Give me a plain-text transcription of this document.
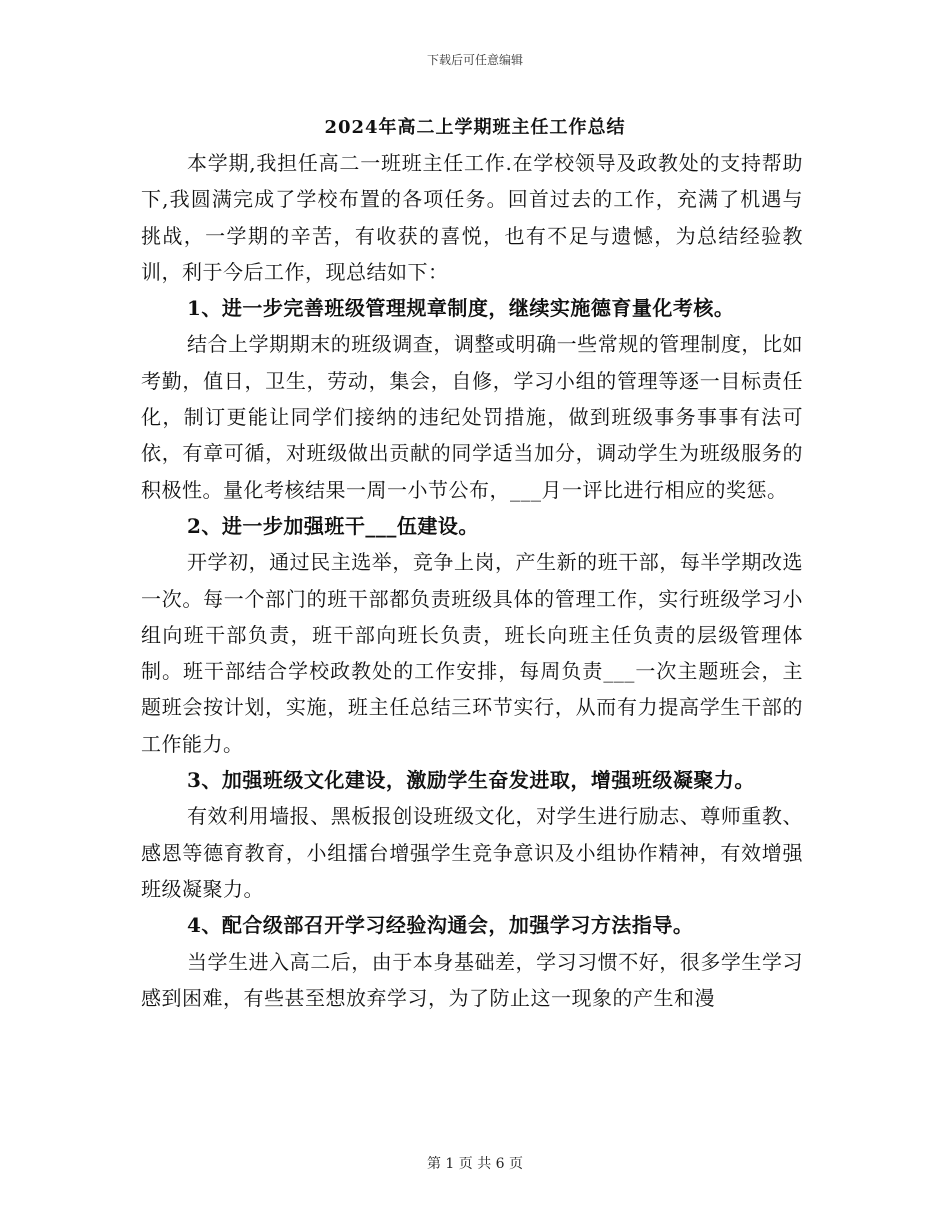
下载后可任意编辑
2024年高二上学期班主任工作总结

本学期,我担任高二一班班主任工作.在学校领导及政教处的支持帮助下,我圆满完成了学校布置的各项任务。回首过去的工作，充满了机遇与挑战，一学期的辛苦，有收获的喜悦，也有不足与遗憾，为总结经验教训，利于今后工作，现总结如下：

1、进一步完善班级管理规章制度，继续实施德育量化考核。

结合上学期期末的班级调查，调整或明确一些常规的管理制度，比如考勤，值日，卫生，劳动，集会，自修，学习小组的管理等逐一目标责任化，制订更能让同学们接纳的违纪处罚措施，做到班级事务事事有法可依，有章可循，对班级做出贡献的同学适当加分，调动学生为班级服务的积极性。量化考核结果一周一小节公布，___月一评比进行相应的奖惩。

2、进一步加强班干___伍建设。

开学初，通过民主选举，竞争上岗，产生新的班干部，每半学期改选一次。每一个部门的班干部都负责班级具体的管理工作，实行班级学习小组向班干部负责，班干部向班长负责，班长向班主任负责的层级管理体制。班干部结合学校政教处的工作安排，每周负责___一次主题班会，主题班会按计划，实施，班主任总结三环节实行，从而有力提高学生干部的工作能力。

3、加强班级文化建设，激励学生奋发进取，增强班级凝聚力。

有效利用墙报、黑板报创设班级文化，对学生进行励志、尊师重教、感恩等德育教育，小组擂台增强学生竞争意识及小组协作精神，有效增强班级凝聚力。

4、配合级部召开学习经验沟通会，加强学习方法指导。

当学生进入高二后，由于本身基础差，学习习惯不好，很多学生学习感到困难，有些甚至想放弃学习，为了防止这一现象的产生和漫

第 1 页 共 6 页
